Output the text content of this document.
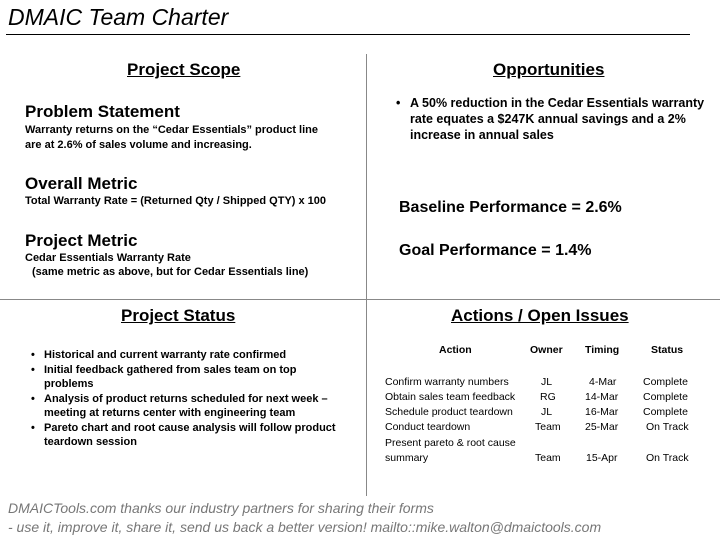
DMAIC Team Charter
Project Scope
Problem Statement
Warranty returns on the “Cedar Essentials” product line
are at 2.6% of sales volume and increasing.
Overall Metric
Total Warranty Rate = (Returned Qty / Shipped QTY) x 100
Project Metric
Cedar Essentials Warranty Rate
(same metric as above, but for Cedar Essentials line)
Opportunities
• A 50% reduction in the Cedar Essentials warranty rate equates a $247K annual savings and a 2% increase in annual sales
Baseline Performance = 2.6%
Goal Performance = 1.4%
Project Status
• Historical and current warranty rate confirmed
• Initial feedback gathered from sales team on top problems
• Analysis of product returns scheduled for next week – meeting at returns center with engineering team
• Pareto chart and root cause analysis will follow product teardown session
Actions / Open Issues
Action	Owner Timing	Status
Confirm warranty numbers	JL	4-Mar	Complete
Obtain sales team feedback RG	14-Mar Complete
Schedule product teardown	JL	16-Mar Complete
Conduct teardown	Team 25-Mar	On Track
Present pareto & root cause
summary	Team 15-Apr	On Track
DMAICTools.com thanks our industry partners for sharing their forms
- use it, improve it, share it, send us back a better version! mailto::mike.walton@dmaictools.com
